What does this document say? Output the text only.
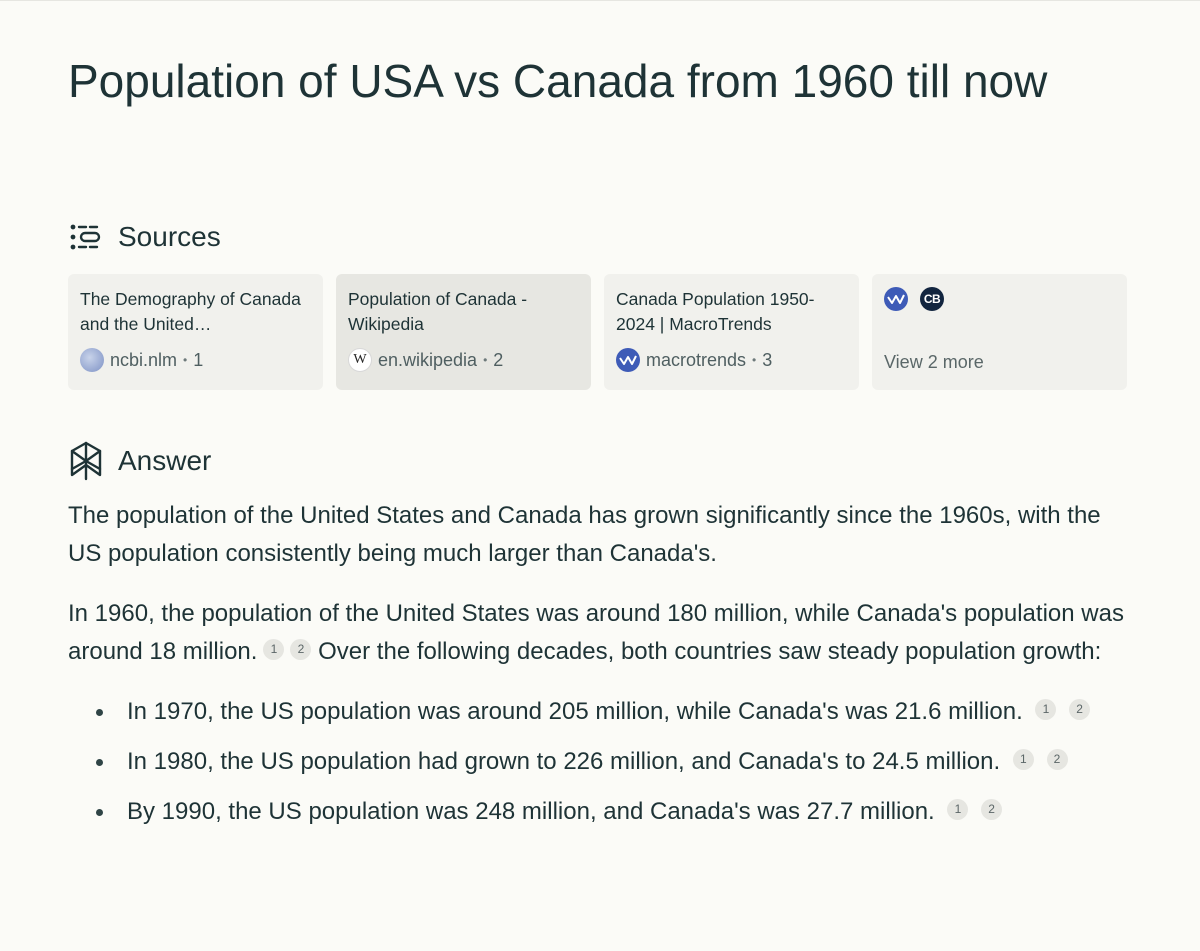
Population of USA vs Canada from 1960 till now
Sources
The Demography of Canada and the United…
ncbi.nlm • 1
Population of Canada - Wikipedia
W en.wikipedia • 2
Canada Population 1950-2024 | MacroTrends
macrotrends • 3
CB
View 2 more
Answer

The population of the United States and Canada has grown significantly since the 1960s, with the US population consistently being much larger than Canada's.

In 1960, the population of the United States was around 180 million, while Canada's population was around 18 million. 1 2 Over the following decades, both countries saw steady population growth:

In 1970, the US population was around 205 million, while Canada's was 21.6 million. 1 2
In 1980, the US population had grown to 226 million, and Canada's to 24.5 million. 1 2
By 1990, the US population was 248 million, and Canada's was 27.7 million. 1 2
